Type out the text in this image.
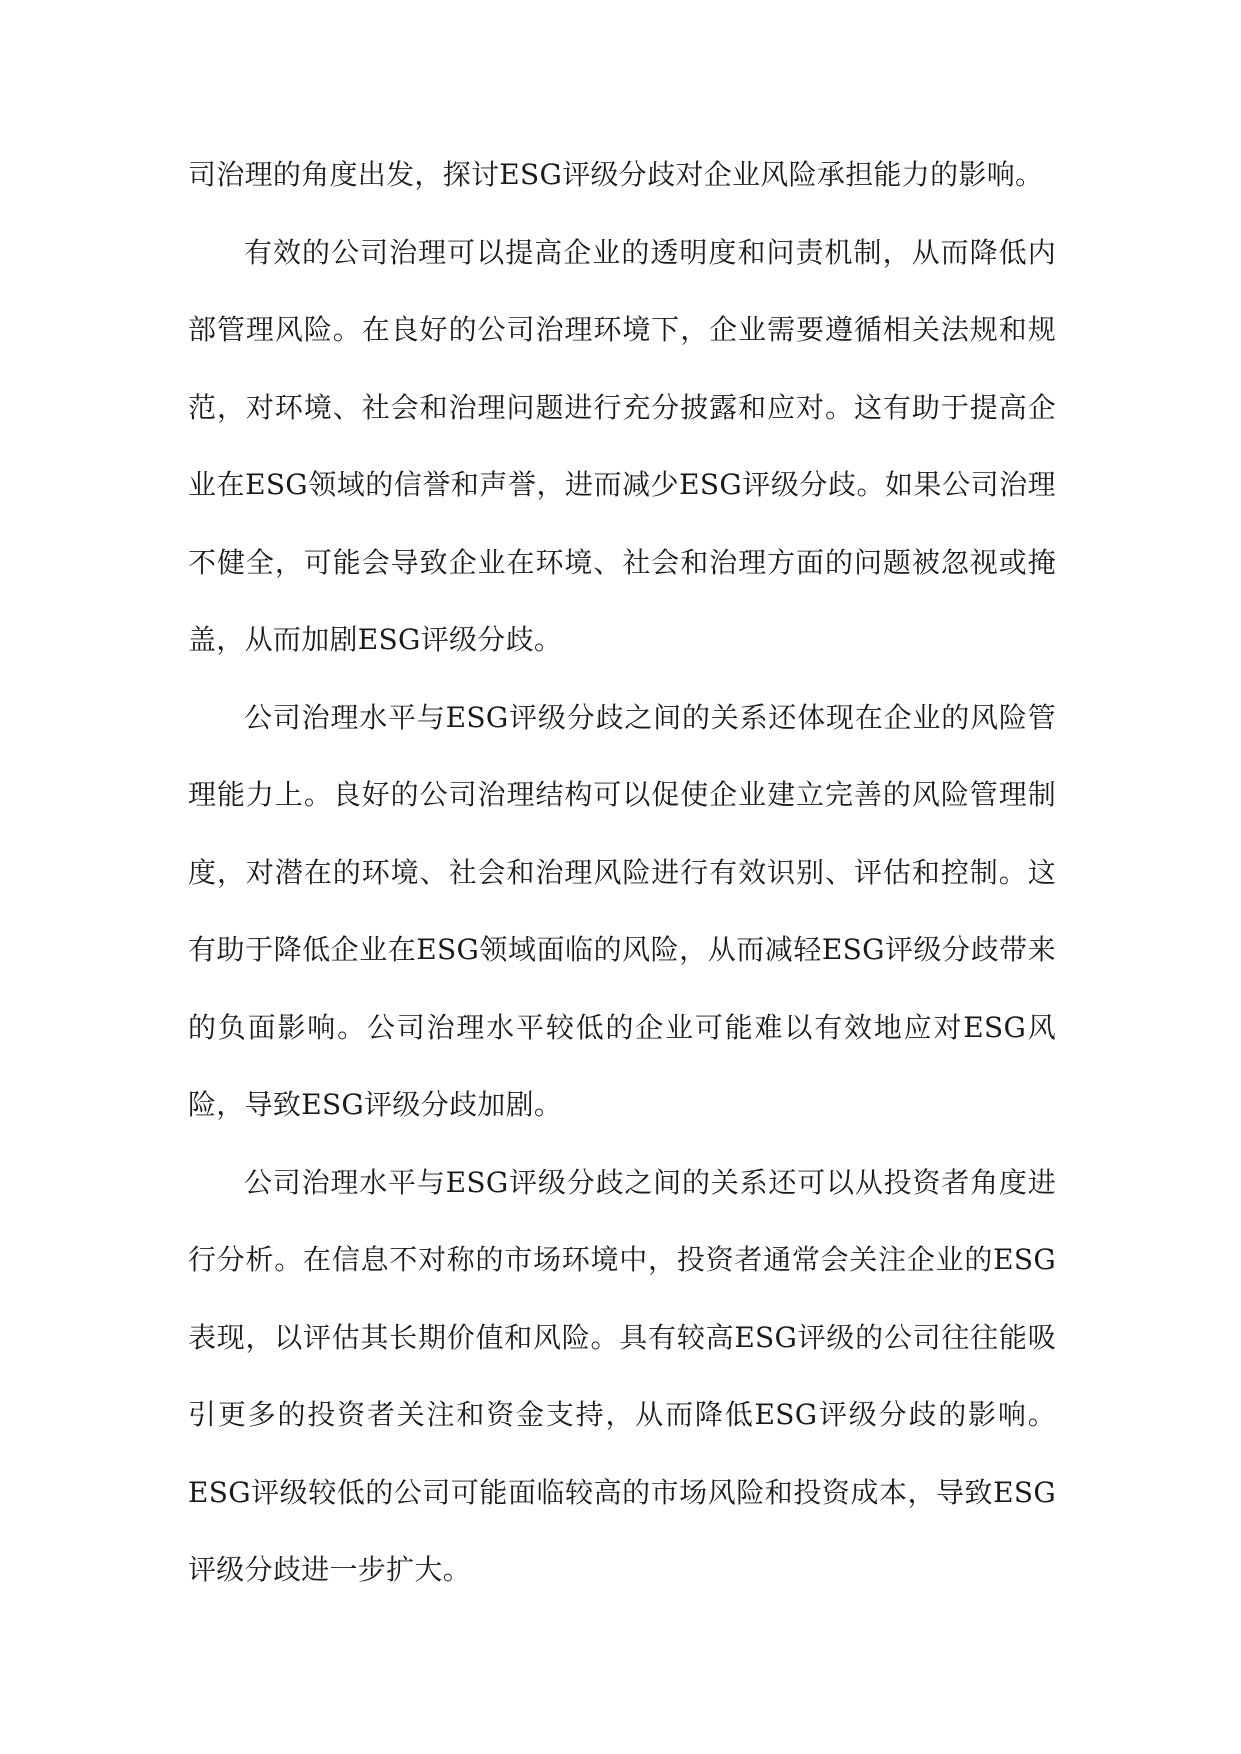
司治理的角度出发，探讨ESG评级分歧对企业风险承担能力的影响。

有效的公司治理可以提高企业的透明度和问责机制，从而降低内部管理风险。在良好的公司治理环境下，企业需要遵循相关法规和规范，对环境、社会和治理问题进行充分披露和应对。这有助于提高企业在ESG领域的信誉和声誉，进而减少ESG评级分歧。如果公司治理不健全，可能会导致企业在环境、社会和治理方面的问题被忽视或掩盖，从而加剧ESG评级分歧。

公司治理水平与ESG评级分歧之间的关系还体现在企业的风险管理能力上。良好的公司治理结构可以促使企业建立完善的风险管理制度，对潜在的环境、社会和治理风险进行有效识别、评估和控制。这有助于降低企业在ESG领域面临的风险，从而减轻ESG评级分歧带来的负面影响。公司治理水平较低的企业可能难以有效地应对ESG风险，导致ESG评级分歧加剧。

公司治理水平与ESG评级分歧之间的关系还可以从投资者角度进行分析。在信息不对称的市场环境中，投资者通常会关注企业的ESG表现，以评估其长期价值和风险。具有较高ESG评级的公司往往能吸引更多的投资者关注和资金支持，从而降低ESG评级分歧的影响。ESG评级较低的公司可能面临较高的市场风险和投资成本，导致ESG评级分歧进一步扩大。
